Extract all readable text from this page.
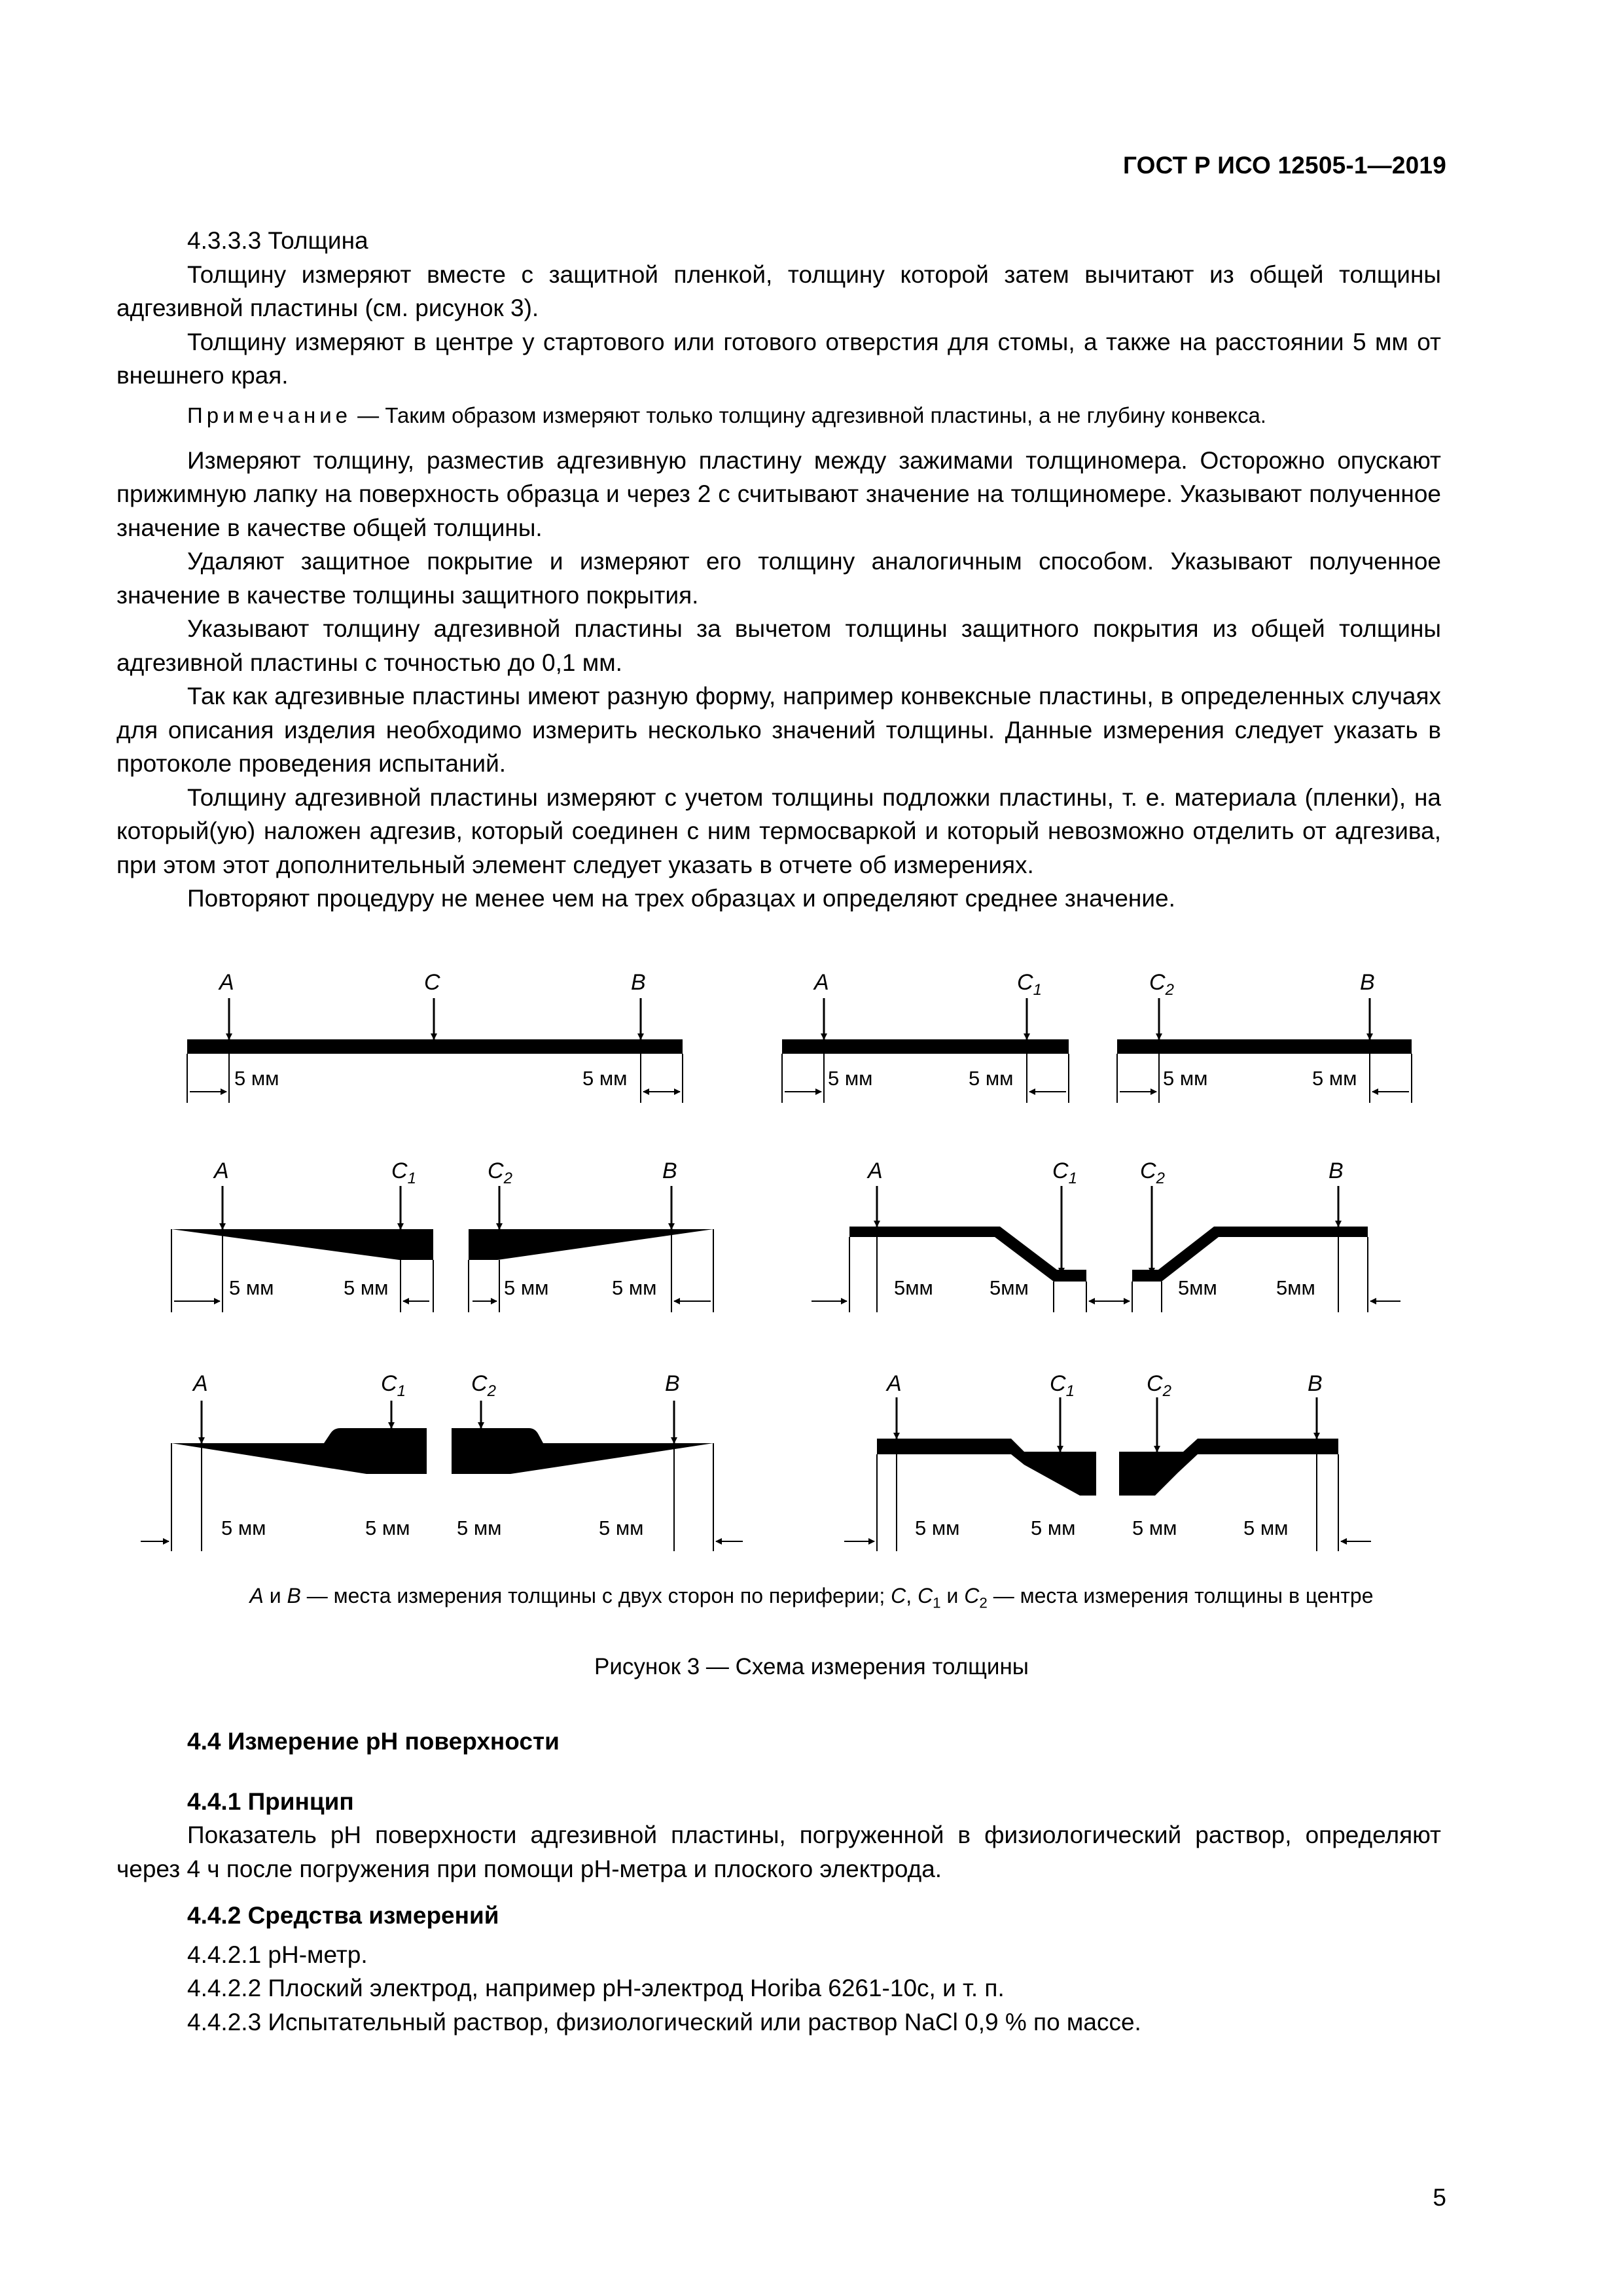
ГОСТ Р ИСО 12505-1—2019

4.3.3.3 Толщина

Толщину измеряют вместе с защитной пленкой, толщину которой затем вычитают из общей толщины адгезивной пластины (см. рисунок 3).

Толщину измеряют в центре у стартового или готового отверстия для стомы, а также на расстоянии 5 мм от внешнего края.

Примечание — Таким образом измеряют только толщину адгезивной пластины, а не глубину конвекса.

Измеряют толщину, разместив адгезивную пластину между зажимами толщиномера. Осторожно опускают прижимную лапку на поверхность образца и через 2 с считывают значение на толщиномере. Указывают полученное значение в качестве общей толщины.

Удаляют защитное покрытие и измеряют его толщину аналогичным способом. Указывают полученное значение в качестве толщины защитного покрытия.

Указывают толщину адгезивной пластины за вычетом толщины защитного покрытия из общей толщины адгезивной пластины с точностью до 0,1 мм.

Так как адгезивные пластины имеют разную форму, например конвексные пластины, в определенных случаях для описания изделия необходимо измерить несколько значений толщины. Данные измерения следует указать в протоколе проведения испытаний.

Толщину адгезивной пластины измеряют с учетом толщины подложки пластины, т. е. материала (пленки), на который(ую) наложен адгезив, который соединен с ним термосваркой и который невозможно отделить от адгезива, при этом этот дополнительный элемент следует указать в отчете об измерениях.

Повторяют процедуру не менее чем на трех образцах и определяют среднее значение.

A	C	B
5 мм	5 мм
A	$C_1$	$C_2$	B
5 мм	5 мм	5 мм	5 мм
A	$C_1$	$C_2$	B
5 мм	5 мм	5 мм	5 мм
A	$C_1$	$C_2$	B
5мм	5мм	5мм	5мм
A	$C_1$	$C_2$	B
5 мм	5 мм 5 мм	5 мм
A	$C_1$	$C_2$	B
5 мм	5 мм	5 мм	5 мм
A и B — места измерения толщины с двух сторон по периферии; C, $C_1$ и $C_2$ — места измерения толщины в центре
Рисунок 3 — Схема измерения толщины
4.4 Измерение pH поверхности
4.4.1 Принцип

Показатель pH поверхности адгезивной пластины, погруженной в физиологический раствор, определяют через 4 ч после погружения при помощи pH-метра и плоского электрода.

4.4.2 Средства измерений

4.4.2.1 pH-метр.

4.4.2.2 Плоский электрод, например pH-электрод Horiba 6261-10c, и т. п.

4.4.2.3 Испытательный раствор, физиологический или раствор NaCl 0,9 % по массе.

5
